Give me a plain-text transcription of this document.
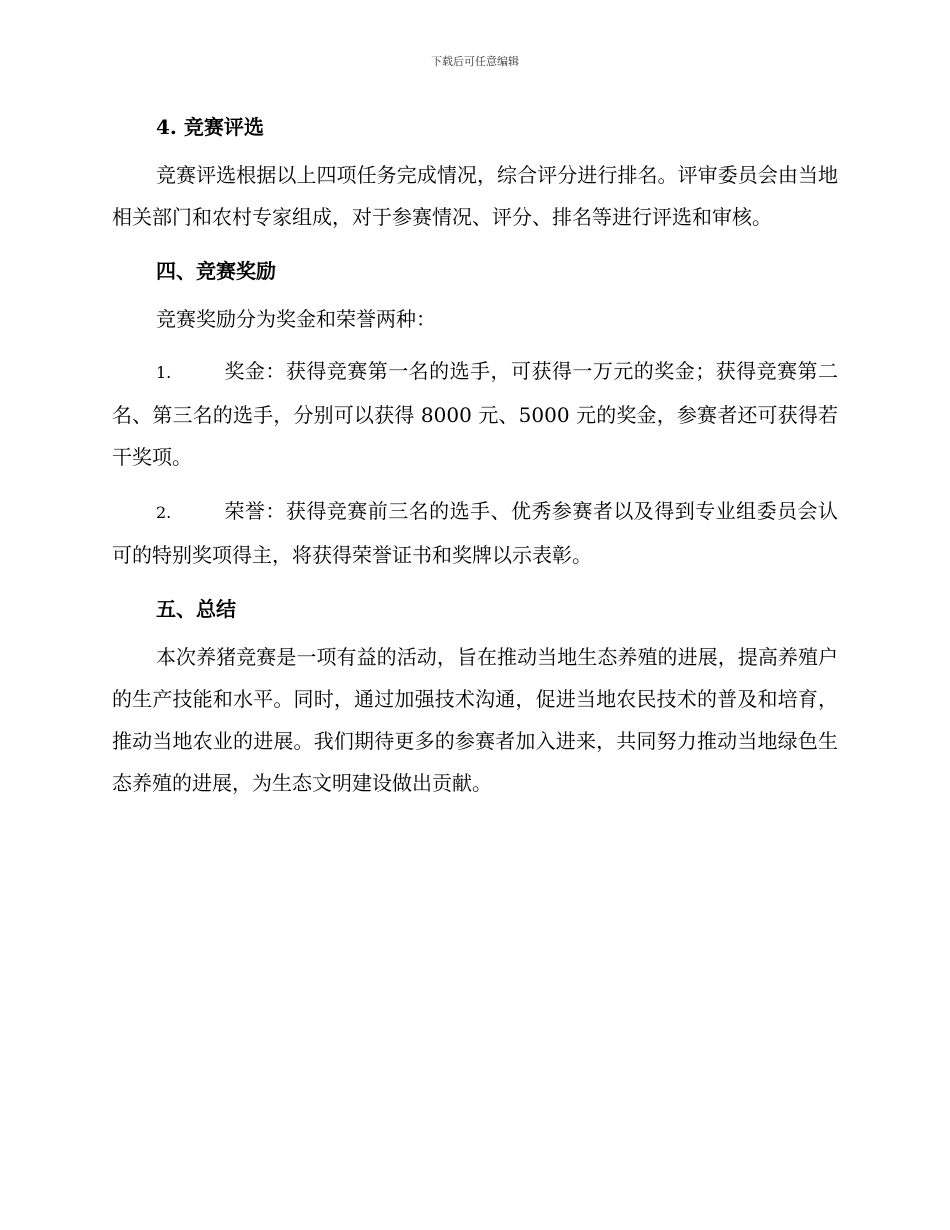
下载后可任意编辑
4. 竞赛评选

竞赛评选根据以上四项任务完成情况，综合评分进行排名。评审委员会由当地相关部门和农村专家组成，对于参赛情况、评分、排名等进行评选和审核。

四、竞赛奖励

竞赛奖励分为奖金和荣誉两种：

1.	奖金：获得竞赛第一名的选手，可获得一万元的奖金；获得竞赛第二名、第三名的选手，分别可以获得 8000 元、5000 元的奖金，参赛者还可获得若干奖项。

2.	荣誉：获得竞赛前三名的选手、优秀参赛者以及得到专业组委员会认可的特别奖项得主，将获得荣誉证书和奖牌以示表彰。

五、总结

本次养猪竞赛是一项有益的活动，旨在推动当地生态养殖的进展，提高养殖户的生产技能和水平。同时，通过加强技术沟通，促进当地农民技术的普及和培育，推动当地农业的进展。我们期待更多的参赛者加入进来，共同努力推动当地绿色生态养殖的进展，为生态文明建设做出贡献。
